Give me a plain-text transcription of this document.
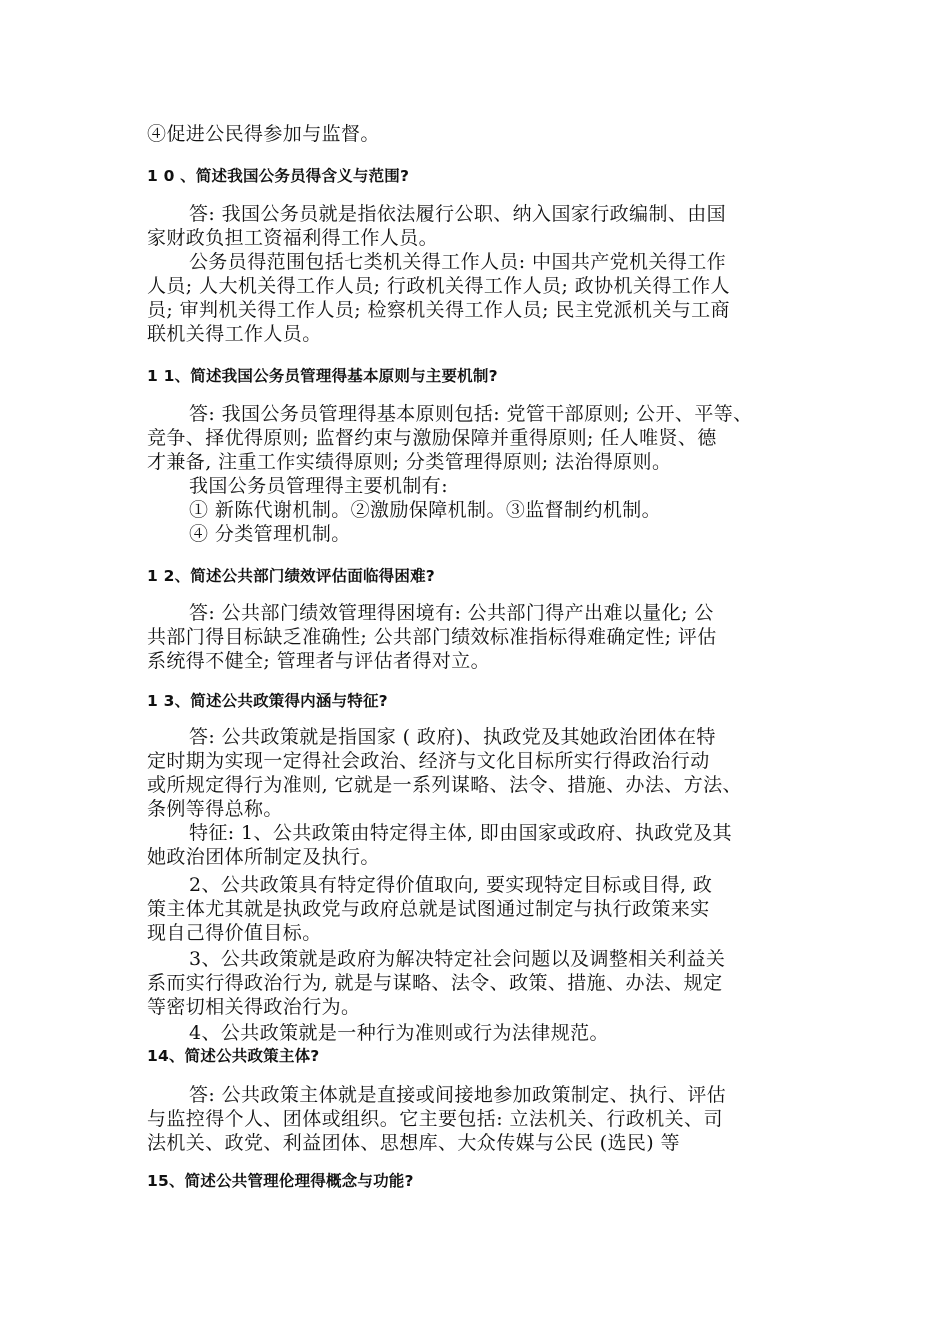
④促进公民得参加与监督。
1 0 、简述我国公务员得含义与范围?
答: 我国公务员就是指依法履行公职、纳入国家行政编制、由国
家财政负担工资福利得工作人员。
公务员得范围包括七类机关得工作人员: 中国共产党机关得工作
人员; 人大机关得工作人员; 行政机关得工作人员; 政协机关得工作人
员; 审判机关得工作人员; 检察机关得工作人员; 民主党派机关与工商
联机关得工作人员。
1 1、简述我国公务员管理得基本原则与主要机制?
答: 我国公务员管理得基本原则包括: 党管干部原则; 公开、平等、
竞争、择优得原则; 监督约束与激励保障并重得原则; 任人唯贤、德
才兼备, 注重工作实绩得原则; 分类管理得原则; 法治得原则。
我国公务员管理得主要机制有:
① 新陈代谢机制。②激励保障机制。③监督制约机制。
④ 分类管理机制。
1 2、简述公共部门绩效评估面临得困难?
答: 公共部门绩效管理得困境有: 公共部门得产出难以量化; 公
共部门得目标缺乏准确性; 公共部门绩效标准指标得难确定性; 评估
系统得不健全; 管理者与评估者得对立。
1 3、简述公共政策得内涵与特征?
答: 公共政策就是指国家 ( 政府)、执政党及其她政治团体在特
定时期为实现一定得社会政治、经济与文化目标所实行得政治行动
或所规定得行为准则, 它就是一系列谋略、法令、措施、办法、方法、
条例等得总称。
特征: 1、公共政策由特定得主体, 即由国家或政府、执政党及其
她政治团体所制定及执行。
2、公共政策具有特定得价值取向, 要实现特定目标或目得, 政
策主体尤其就是执政党与政府总就是试图通过制定与执行政策来实
现自己得价值目标。
3、公共政策就是政府为解决特定社会问题以及调整相关利益关
系而实行得政治行为, 就是与谋略、法令、政策、措施、办法、规定
等密切相关得政治行为。
4、公共政策就是一种行为准则或行为法律规范。
14、简述公共政策主体?
答: 公共政策主体就是直接或间接地参加政策制定、执行、评估
与监控得个人、团体或组织。它主要包括: 立法机关、行政机关、司
法机关、政党、利益团体、思想库、大众传媒与公民 (选民) 等
15、简述公共管理伦理得概念与功能?
